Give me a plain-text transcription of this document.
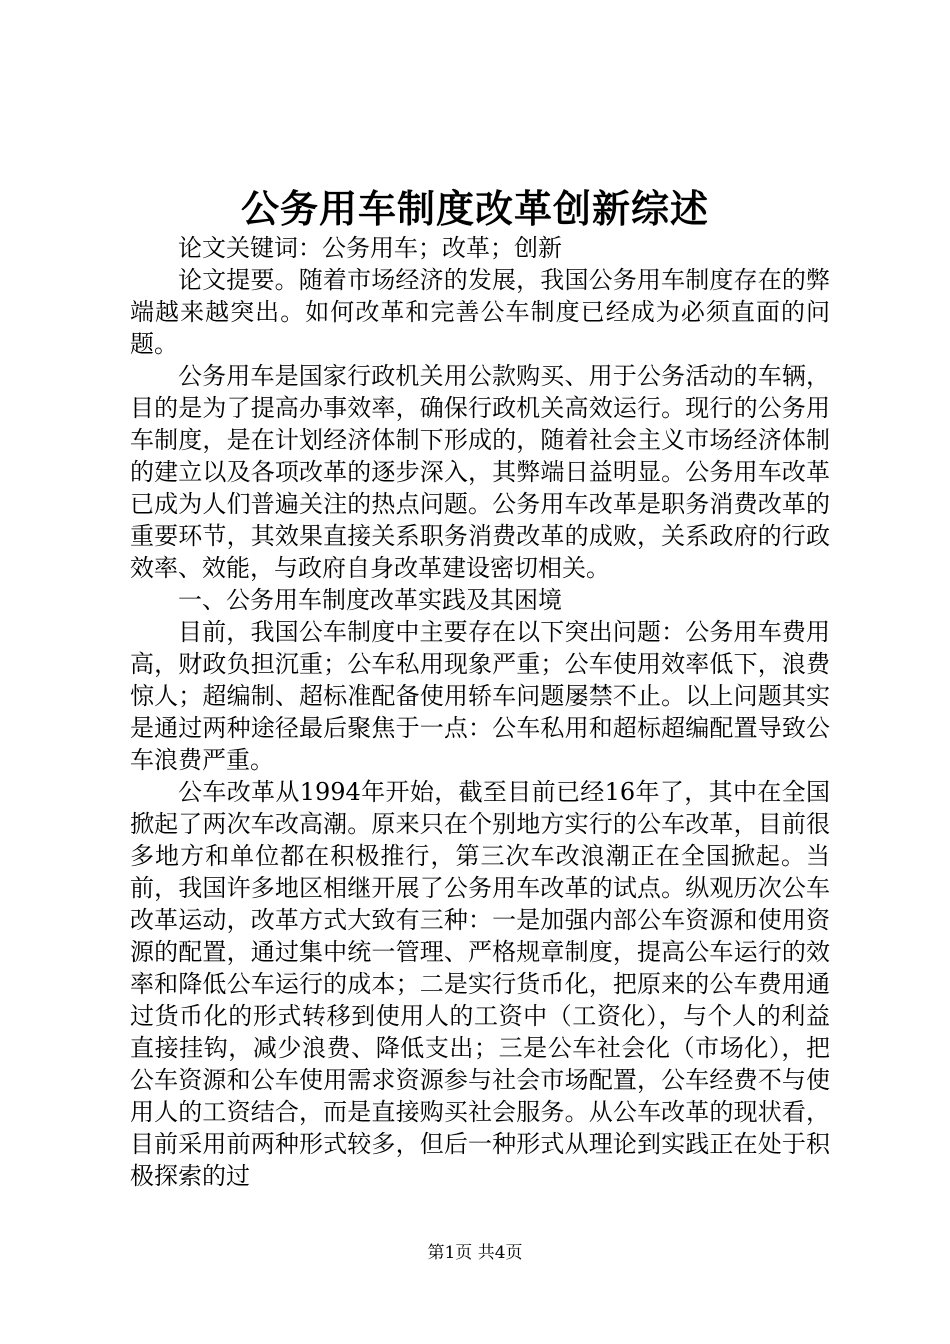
公务用车制度改革创新综述

论文关键词：公务用车；改革；创新

论文提要。随着市场经济的发展，我国公务用车制度存在的弊端越来越突出。如何改革和完善公车制度已经成为必须直面的问题。

公务用车是国家行政机关用公款购买、用于公务活动的车辆，目的是为了提高办事效率，确保行政机关高效运行。现行的公务用车制度，是在计划经济体制下形成的，随着社会主义市场经济体制的建立以及各项改革的逐步深入，其弊端日益明显。公务用车改革已成为人们普遍关注的热点问题。公务用车改革是职务消费改革的重要环节，其效果直接关系职务消费改革的成败，关系政府的行政效率、效能，与政府自身改革建设密切相关。

一、公务用车制度改革实践及其困境

目前，我国公车制度中主要存在以下突出问题：公务用车费用高，财政负担沉重；公车私用现象严重；公车使用效率低下，浪费惊人；超编制、超标准配备使用轿车问题屡禁不止。以上问题其实是通过两种途径最后聚焦于一点：公车私用和超标超编配置导致公车浪费严重。

公车改革从1994年开始，截至目前已经16年了，其中在全国掀起了两次车改高潮。原来只在个别地方实行的公车改革，目前很多地方和单位都在积极推行，第三次车改浪潮正在全国掀起。当前，我国许多地区相继开展了公务用车改革的试点。纵观历次公车改革运动，改革方式大致有三种：一是加强内部公车资源和使用资源的配置，通过集中统一管理、严格规章制度，提高公车运行的效率和降低公车运行的成本；二是实行货币化，把原来的公车费用通过货币化的形式转移到使用人的工资中（工资化），与个人的利益直接挂钩，减少浪费、降低支出；三是公车社会化（市场化），把公车资源和公车使用需求资源参与社会市场配置，公车经费不与使用人的工资结合，而是直接购买社会服务。从公车改革的现状看，目前采用前两种形式较多，但后一种形式从理论到实践正在处于积极探索的过

第1页 共4页
